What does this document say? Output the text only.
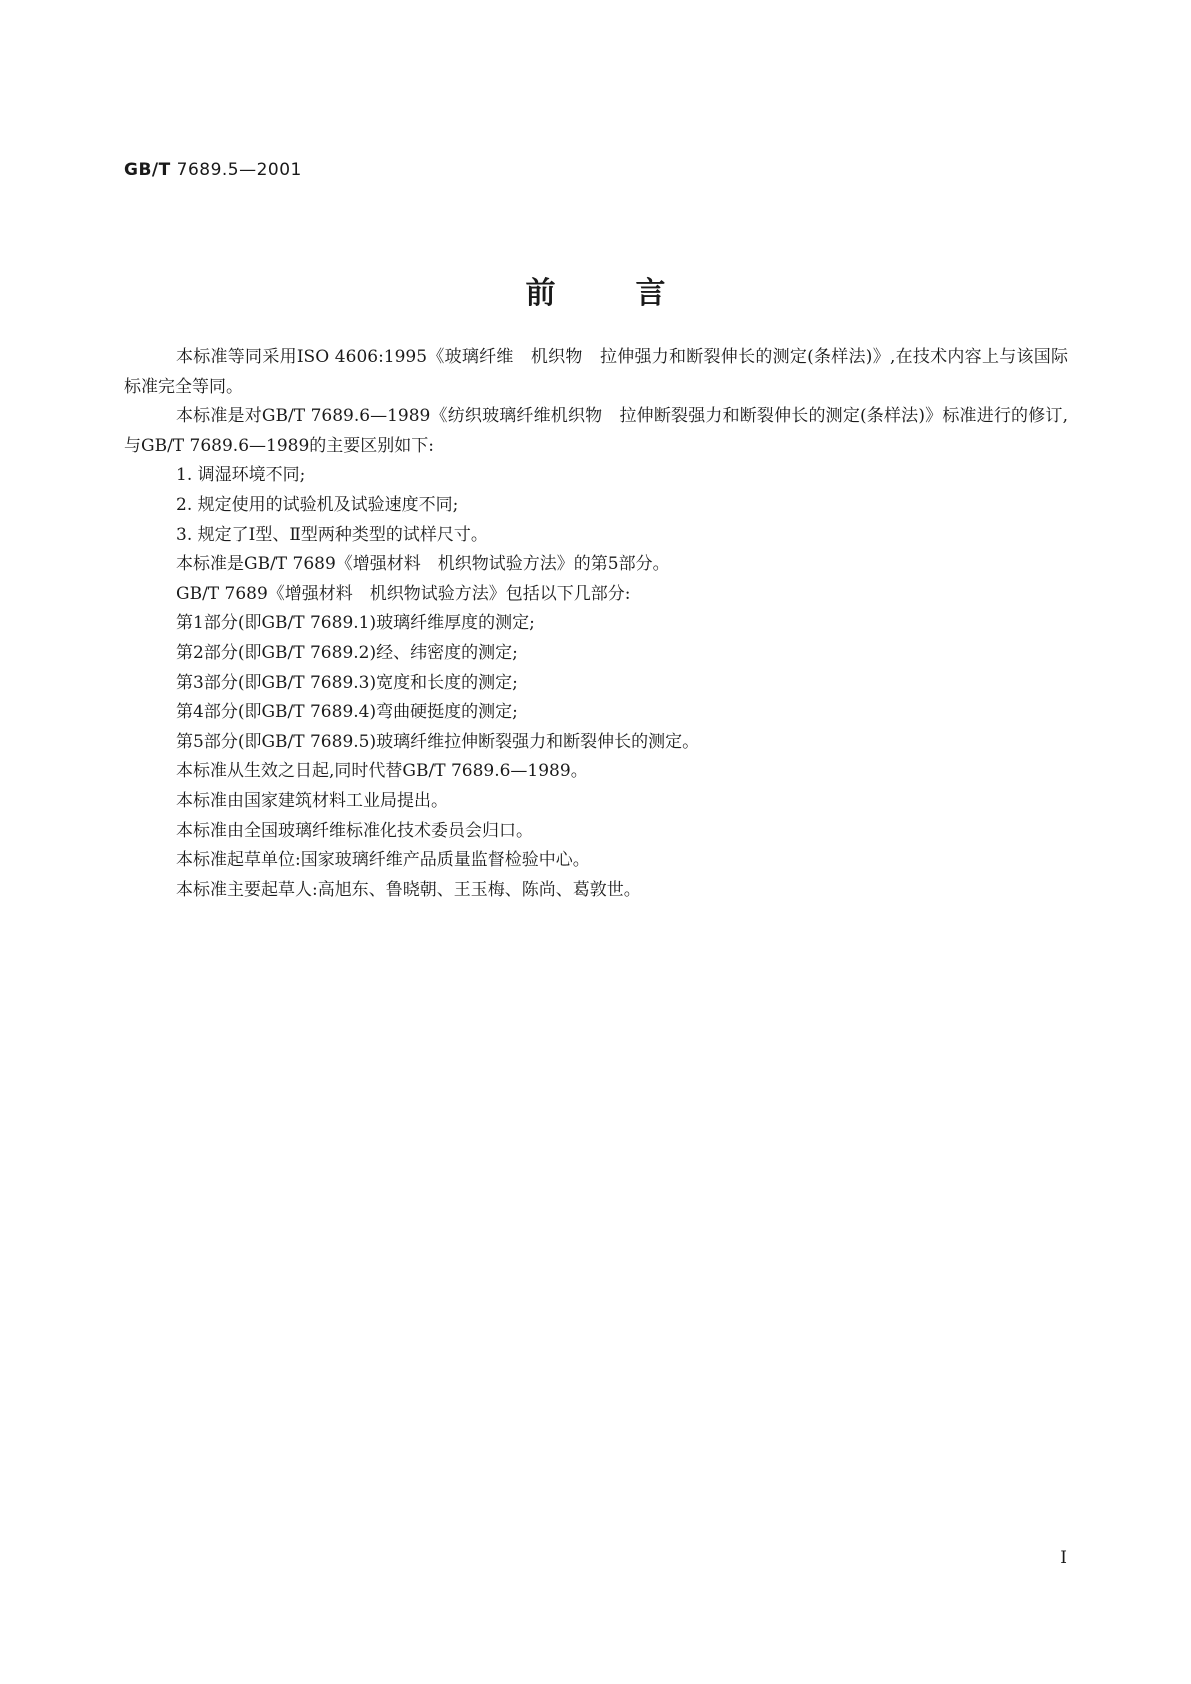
GB/T 7689.5—2001
前言

本标准等同采用ISO 4606:1995《玻璃纤维　机织物　拉伸强力和断裂伸长的测定(条样法)》,在技术内容上与该国际标准完全等同。

本标准是对GB/T 7689.6—1989《纺织玻璃纤维机织物　拉伸断裂强力和断裂伸长的测定(条样法)》标准进行的修订,与GB/T 7689.6—1989的主要区别如下:

1. 调湿环境不同;

2. 规定使用的试验机及试验速度不同;

3. 规定了Ⅰ型、Ⅱ型两种类型的试样尺寸。

本标准是GB/T 7689《增强材料　机织物试验方法》的第5部分。

GB/T 7689《增强材料　机织物试验方法》包括以下几部分:

第1部分(即GB/T 7689.1)玻璃纤维厚度的测定;

第2部分(即GB/T 7689.2)经、纬密度的测定;

第3部分(即GB/T 7689.3)宽度和长度的测定;

第4部分(即GB/T 7689.4)弯曲硬挺度的测定;

第5部分(即GB/T 7689.5)玻璃纤维拉伸断裂强力和断裂伸长的测定。

本标准从生效之日起,同时代替GB/T 7689.6—1989。

本标准由国家建筑材料工业局提出。

本标准由全国玻璃纤维标准化技术委员会归口。

本标准起草单位:国家玻璃纤维产品质量监督检验中心。

本标准主要起草人:高旭东、鲁晓朝、王玉梅、陈尚、葛敦世。

I
